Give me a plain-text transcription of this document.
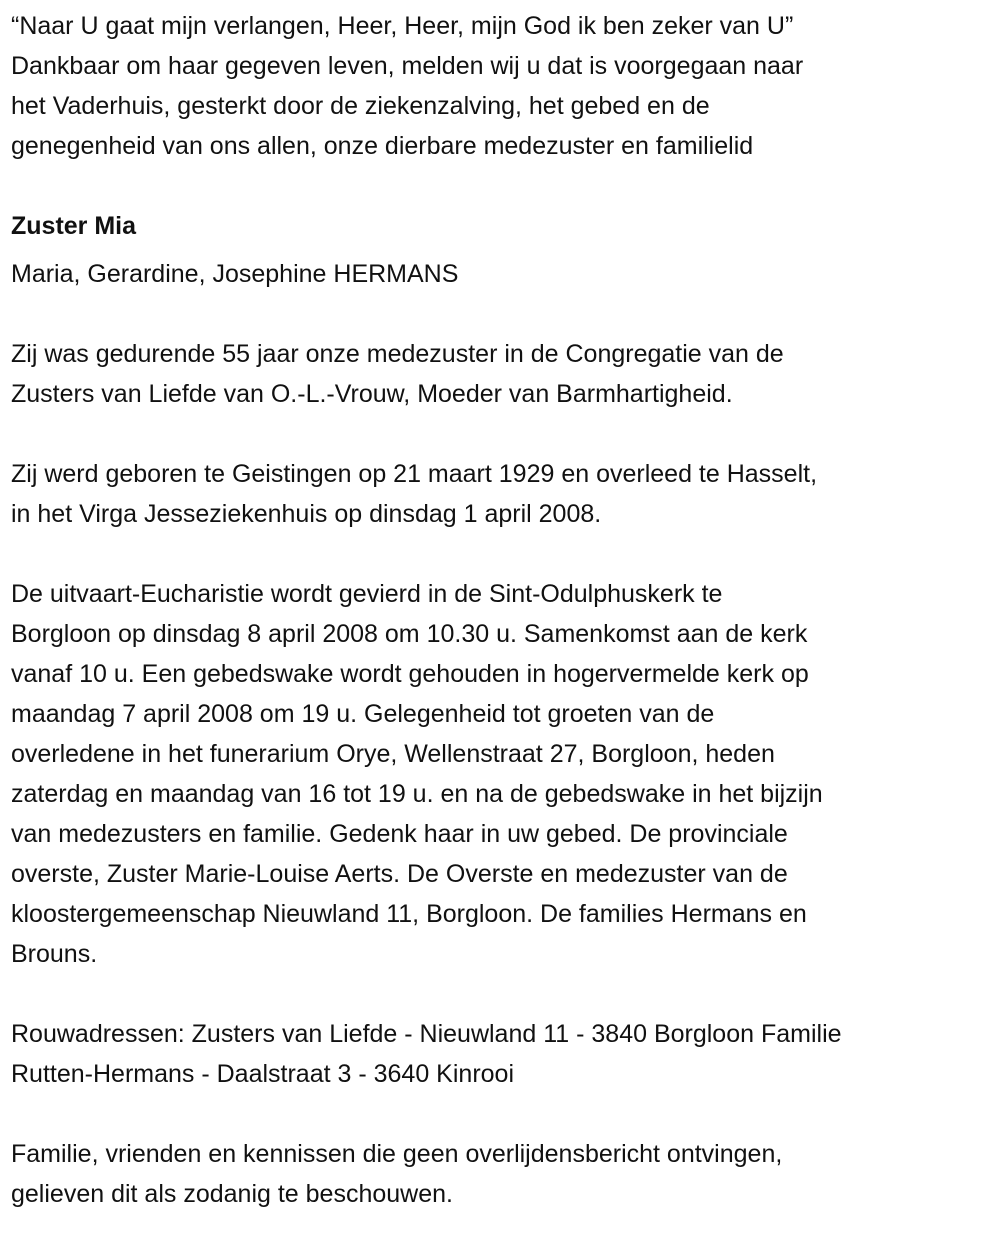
“Naar U gaat mijn verlangen, Heer, Heer, mijn God ik ben zeker van U”
Dankbaar om haar gegeven leven, melden wij u dat is voorgegaan naar
het Vaderhuis, gesterkt door de ziekenzalving, het gebed en de
genegenheid van ons allen, onze dierbare medezuster en familielid
Zuster Mia
Maria, Gerardine, Josephine HERMANS
Zij was gedurende 55 jaar onze medezuster in de Congregatie van de
Zusters van Liefde van O.-L.-Vrouw, Moeder van Barmhartigheid.
Zij werd geboren te Geistingen op 21 maart 1929 en overleed te Hasselt,
in het Virga Jesseziekenhuis op dinsdag 1 april 2008.
De uitvaart-Eucharistie wordt gevierd in de Sint-Odulphuskerk te
Borgloon op dinsdag 8 april 2008 om 10.30 u. Samenkomst aan de kerk
vanaf 10 u. Een gebedswake wordt gehouden in hogervermelde kerk op
maandag 7 april 2008 om 19 u. Gelegenheid tot groeten van de
overledene in het funerarium Orye, Wellenstraat 27, Borgloon, heden
zaterdag en maandag van 16 tot 19 u. en na de gebedswake in het bijzijn
van medezusters en familie. Gedenk haar in uw gebed. De provinciale
overste, Zuster Marie-Louise Aerts. De Overste en medezuster van de
kloostergemeenschap Nieuwland 11, Borgloon. De families Hermans en
Brouns.
Rouwadressen: Zusters van Liefde - Nieuwland 11 - 3840 Borgloon Familie
Rutten-Hermans - Daalstraat 3 - 3640 Kinrooi
Familie, vrienden en kennissen die geen overlijdensbericht ontvingen,
gelieven dit als zodanig te beschouwen.
